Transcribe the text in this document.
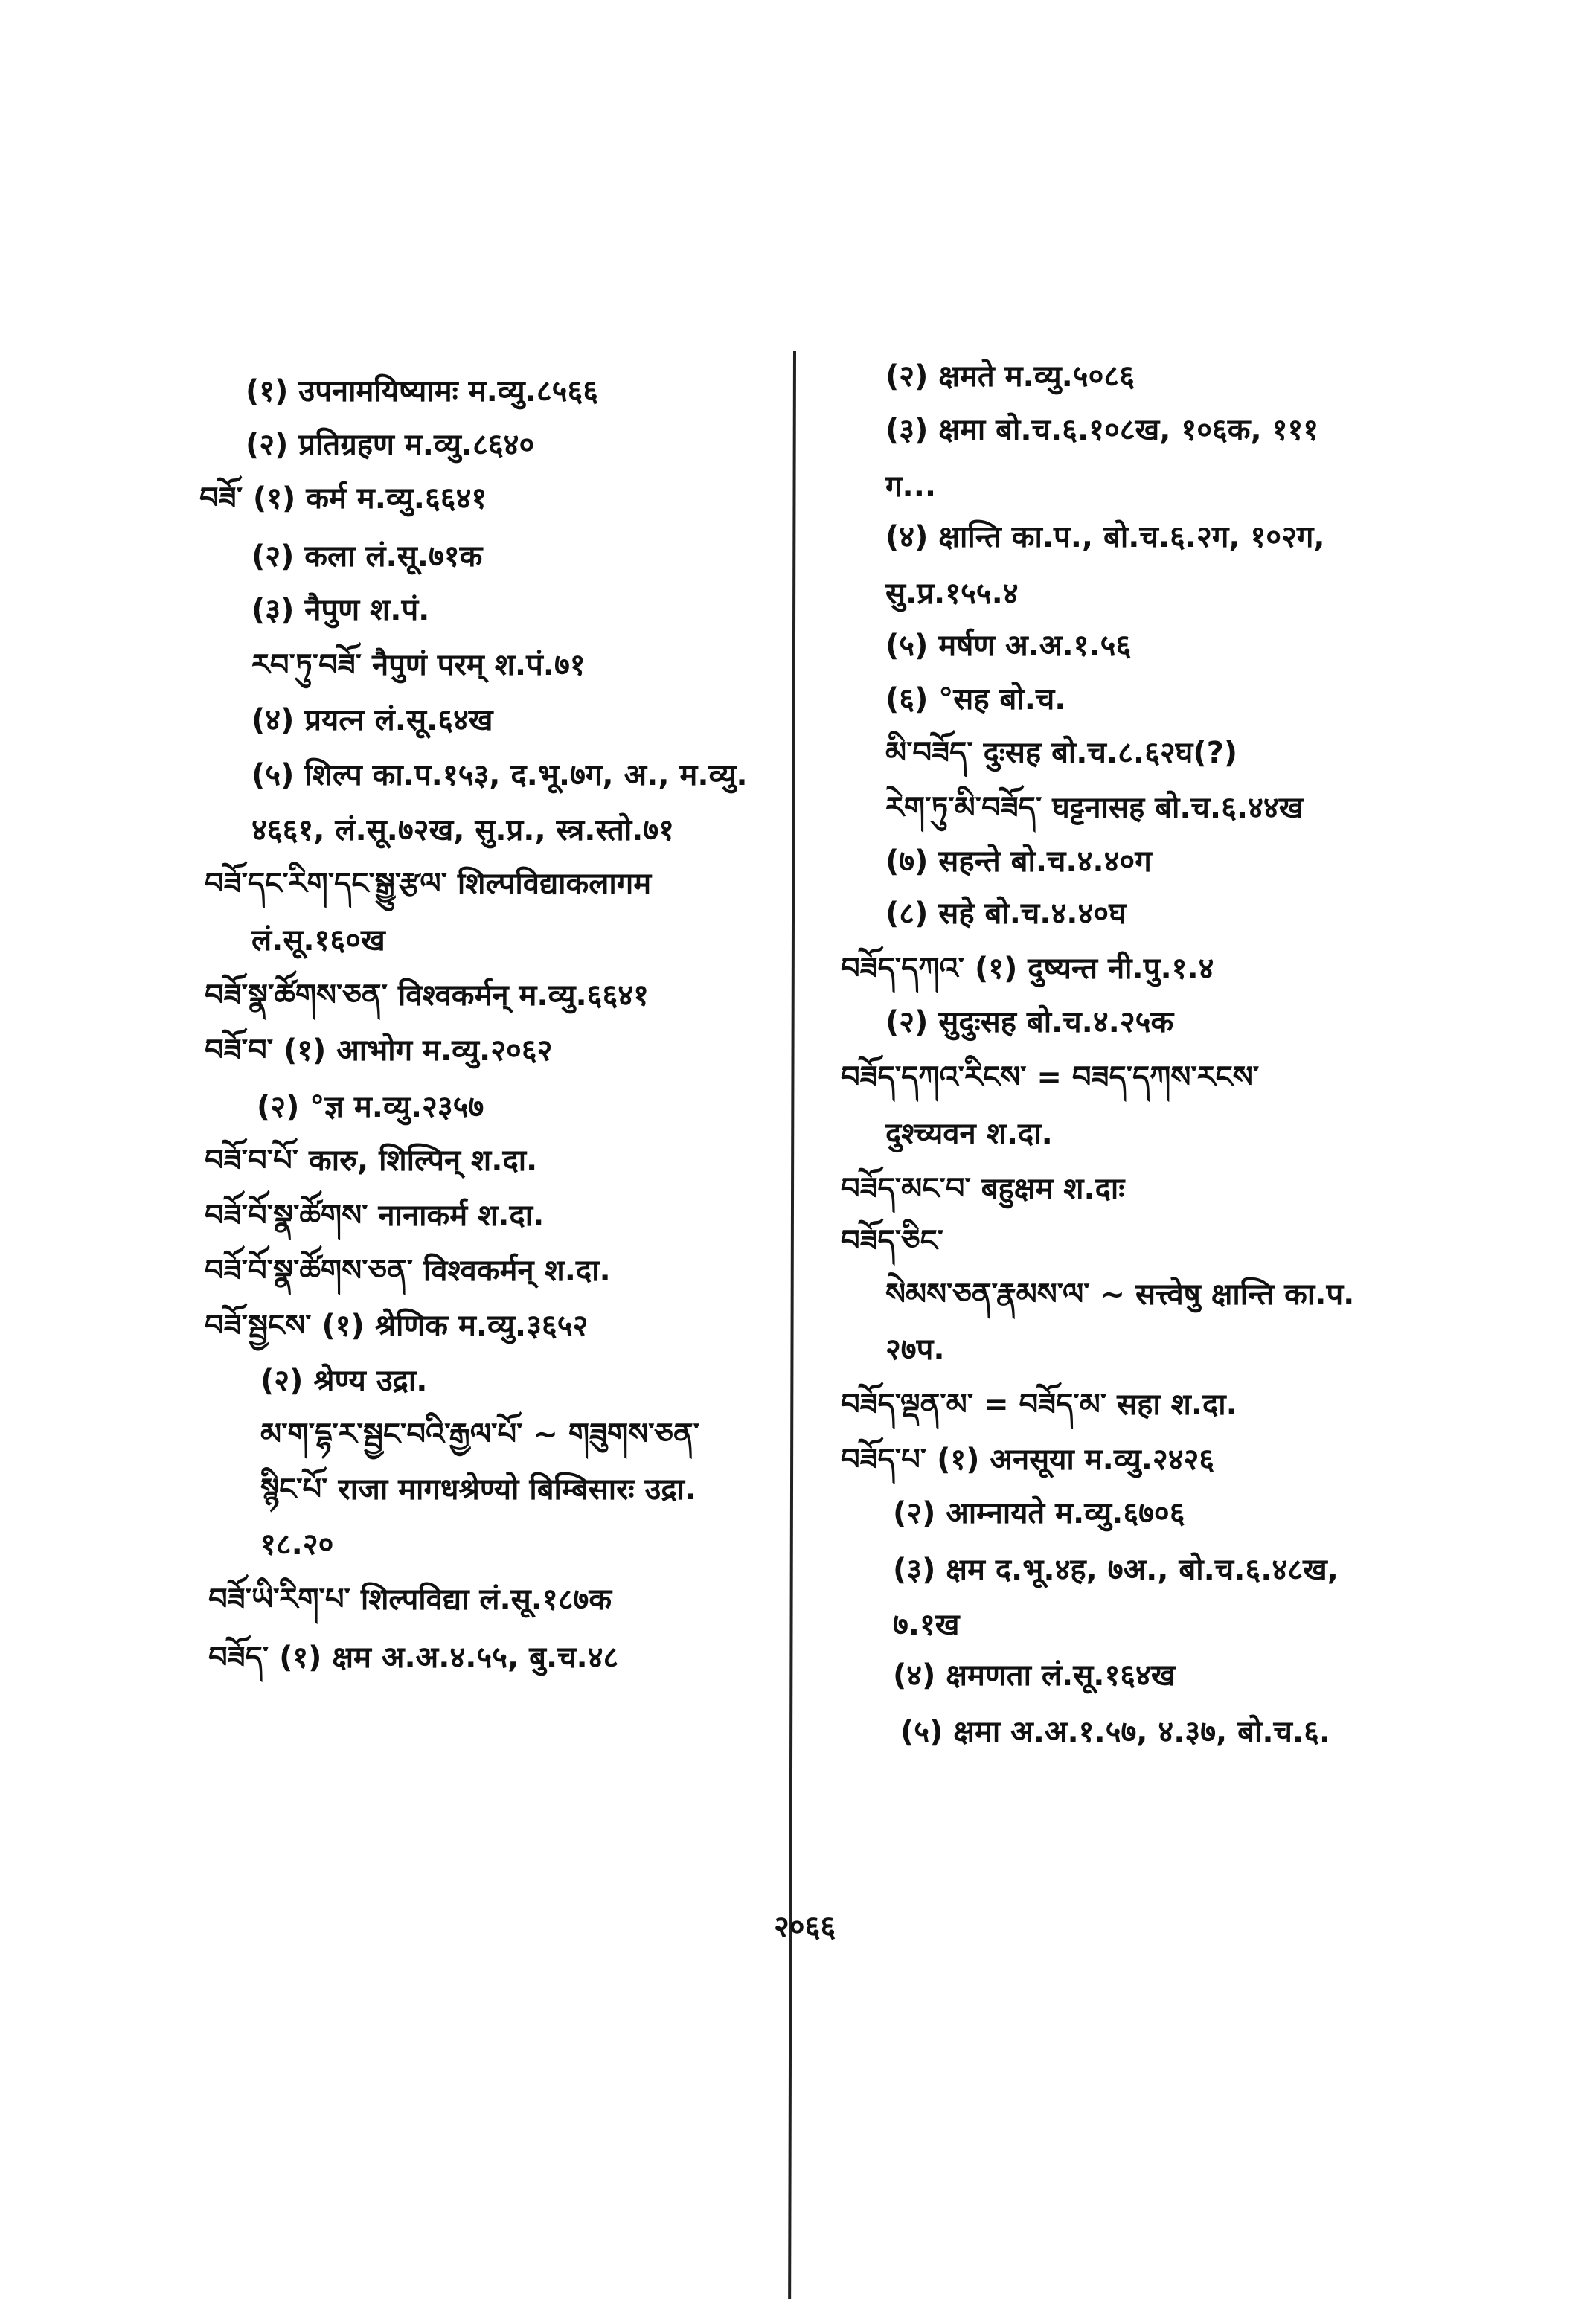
(१) उपनामयिष्यामः म.व्यु.८५६६
(२) प्रतिग्रहण म.व्यु.८६४०
བཟོ་ (१) कर्म म.व्यु.६६४१
(२) कला लं.सू.७१क
(३) नैपुण श.पं.
རབ་ཏུ་བཟོ་ नैपुणं परम् श.पं.७१
(४) प्रयत्न लं.सू.६४ख
(५) शिल्प का.प.१५३, द.भू.७ग, अ., म.व्यु.
४६६१, लं.सू.७२ख, सु.प्र., स्त्र.स्तो.७१
བཟོ་དང་རིག་དང་སྒྱུ་རྩལ་ शिल्पविद्याकलागम
लं.सू.१६०ख
བཟོ་སྣ་ཚོགས་ཅན་ विश्वकर्मन् म.व्यु.६६४१
བཟོ་བ་ (१) आभोग म.व्यु.२०६२
(२) °ज्ञ म.व्यु.२३५७
བཟོ་བ་པོ་ कारु, शिल्पिन् श.दा.
བཟོ་བོ་སྣ་ཚོགས་ नानाकर्म श.दा.
བཟོ་བོ་སྣ་ཚོགས་ཅན་ विश्वकर्मन् श.दा.
བཟོ་སྦྱངས་ (१) श्रेणिक म.व्यु.३६५२
(२) श्रेण्य उद्रा.
མ་ག་དྷ་ར་སྦྱང་བའི་རྒྱལ་པོ་ ~ གཟུགས་ཅན་
སྙིང་པོ་ राजा मागधश्रेण्यो बिम्बिसारः उद्रा.
१८.२०
བཟོ་ཡི་རིག་པ་ शिल्पविद्या लं.सू.१८७क
བཟོད་ (१) क्षम अ.अ.४.५५, बु.च.४८
(२) क्षमते म.व्यु.५०८६
(३) क्षमा बो.च.६.१०८ख, १०६क, १११
ग...
(४) क्षान्ति का.प., बो.च.६.२ग, १०२ग,
सु.प्र.१५५.४
(५) मर्षण अ.अ.१.५६
(६) °सह बो.च.
མི་བཟོད་ दुःसह बो.च.८.६२घ(?)
རེག་ཏུ་མི་བཟོད་ घट्टनासह बो.च.६.४४ख
(७) सहन्ते बो.च.४.४०ग
(८) सहे बो.च.४.४०घ
བཟོད་དཀའ་ (१) दुष्यन्त नी.पु.१.४
(२) सुदुःसह बो.च.४.२५क
བཟོད་དཀའ་རིངས་ = བཟད་དཀས་རངས་
दुश्च्यवन श.दा.
བཟོད་མང་བ་ बहुक्षम श.दाः
བཟོད་ཅིང་
སེམས་ཅན་རྣམས་ལ་ ~ सत्त्वेषु क्षान्ति का.प.
२७प.
བཟོད་ལྡན་མ་ = བཟོད་མ་ सहा श.दा.
བཟོད་པ་ (१) अनसूया म.व्यु.२४२६
(२) आम्नायते म.व्यु.६७०६
(३) क्षम द.भू.४ह, ७अ., बो.च.६.४८ख,
७.१ख
(४) क्षमणता लं.सू.१६४ख
(५) क्षमा अ.अ.१.५७, ४.३७, बो.च.६.
२०६६
